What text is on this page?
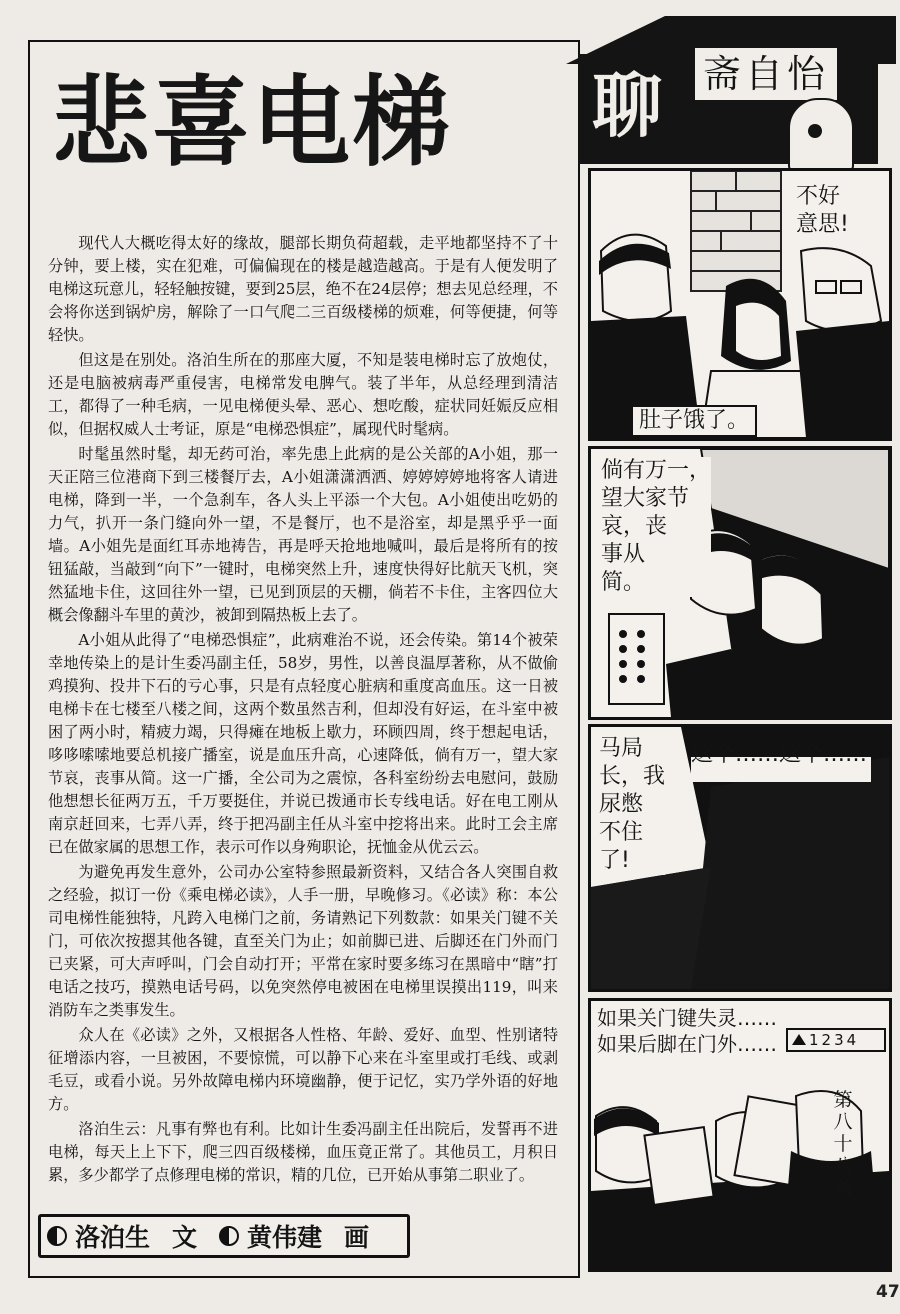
悲喜电梯

现代人大概吃得太好的缘故，腿部长期负荷超载，走平地都坚持不了十分钟，要上楼，实在犯难，可偏偏现在的楼是越造越高。于是有人便发明了电梯这玩意儿，轻轻触按键，要到25层，绝不在24层停；想去见总经理，不会将你送到锅炉房，解除了一口气爬二三百级楼梯的烦难，何等便捷，何等轻快。

但这是在别处。洛泊生所在的那座大厦，不知是装电梯时忘了放炮仗，还是电脑被病毒严重侵害，电梯常发电脾气。装了半年，从总经理到清洁工，都得了一种毛病，一见电梯便头晕、恶心、想吃酸，症状同妊娠反应相似，但据权威人士考证，原是“电梯恐惧症”，属现代时髦病。

时髦虽然时髦，却无药可治，率先患上此病的是公关部的A小姐，那一天正陪三位港商下到三楼餐厅去，A小姐潇潇洒洒、婷婷婷婷地将客人请进电梯，降到一半，一个急刹车，各人头上平添一个大包。A小姐使出吃奶的力气，扒开一条门缝向外一望，不是餐厅，也不是浴室，却是黑乎乎一面墙。A小姐先是面红耳赤地祷告，再是呼天抢地地喊叫，最后是将所有的按钮猛敲，当敲到“向下”一键时，电梯突然上升，速度快得好比航天飞机，突然猛地卡住，这回往外一望，已见到顶层的天棚，倘若不卡住，主客四位大概会像翻斗车里的黄沙，被卸到隔热板上去了。

A小姐从此得了“电梯恐惧症”，此病难治不说，还会传染。第14个被荣幸地传染上的是计生委冯副主任，58岁，男性，以善良温厚著称，从不做偷鸡摸狗、投井下石的亏心事，只是有点轻度心脏病和重度高血压。这一日被电梯卡在七楼至八楼之间，这两个数虽然吉利，但却没有好运，在斗室中被困了两小时，精疲力竭，只得瘫在地板上歇力，环顾四周，终于想起电话，哆哆嗦嗦地要总机接广播室，说是血压升高，心速降低，倘有万一，望大家节哀，丧事从简。这一广播，全公司为之震惊，各科室纷纷去电慰问，鼓励他想想长征两万五，千万要挺住，并说已拨通市长专线电话。好在电工刚从南京赶回来，七弄八弄，终于把冯副主任从斗室中挖将出来。此时工会主席已在做家属的思想工作，表示可作以身殉职论，抚恤金从优云云。

为避免再发生意外，公司办公室特参照最新资料，又结合各人突围自救之经验，拟订一份《乘电梯必读》，人手一册，早晚修习。《必读》称：本公司电梯性能独特，凡跨入电梯门之前，务请熟记下列数款：如果关门键不关门，可依次按摁其他各键，直至关门为止；如前脚已进、后脚还在门外而门已夹紧，可大声呼叫，门会自动打开；平常在家时要多练习在黑暗中“瞎”打电话之技巧，摸熟电话号码，以免突然停电被困在电梯里误摸出119，叫来消防车之类事发生。

众人在《必读》之外，又根据各人性格、年龄、爱好、血型、性别诸特征增添内容，一旦被困，不要惊慌，可以静下心来在斗室里或打毛线、或剥毛豆，或看小说。另外故障电梯内环境幽静，便于记忆，实乃学外语的好地方。

洛泊生云：凡事有弊也有利。比如计生委冯副主任出院后，发誓再不进电梯，每天上上下下，爬三四百级楼梯，血压竟正常了。其他员工，月积日累，多少都学了点修理电梯的常识，精的几位，已开始从事第二职业了。

洛泊生 文 黄伟建 画
聊 斋自怡
不好
意思!
肚子饿了。
倘有万一，
望大家节
哀，丧
事从
简。
马局
长，我
尿憋
不住
了!
这个……这个……
如果关门键失灵……
如果后脚在门外…… 1234
第
八
十
八
条
47
